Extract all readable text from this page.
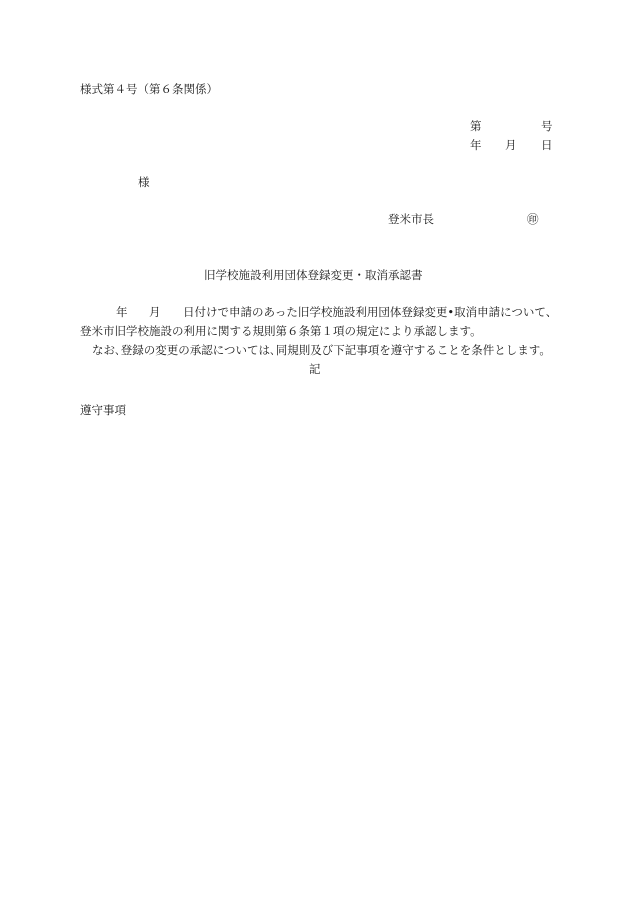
様式第４号（第６条関係）
第	号
年 月 日
様
登米市長	㊞
旧学校施設利用団体登録変更・取消承認書
年 月 日付けで申請のあった旧学校施設利用団体登録変更•取消申請について、
登米市旧学校施設の利用に関する規則第６条第１項の規定により承認します。
なお､登録の変更の承認については､同規則及び下記事項を遵守することを条件とします。
記
遵守事項
